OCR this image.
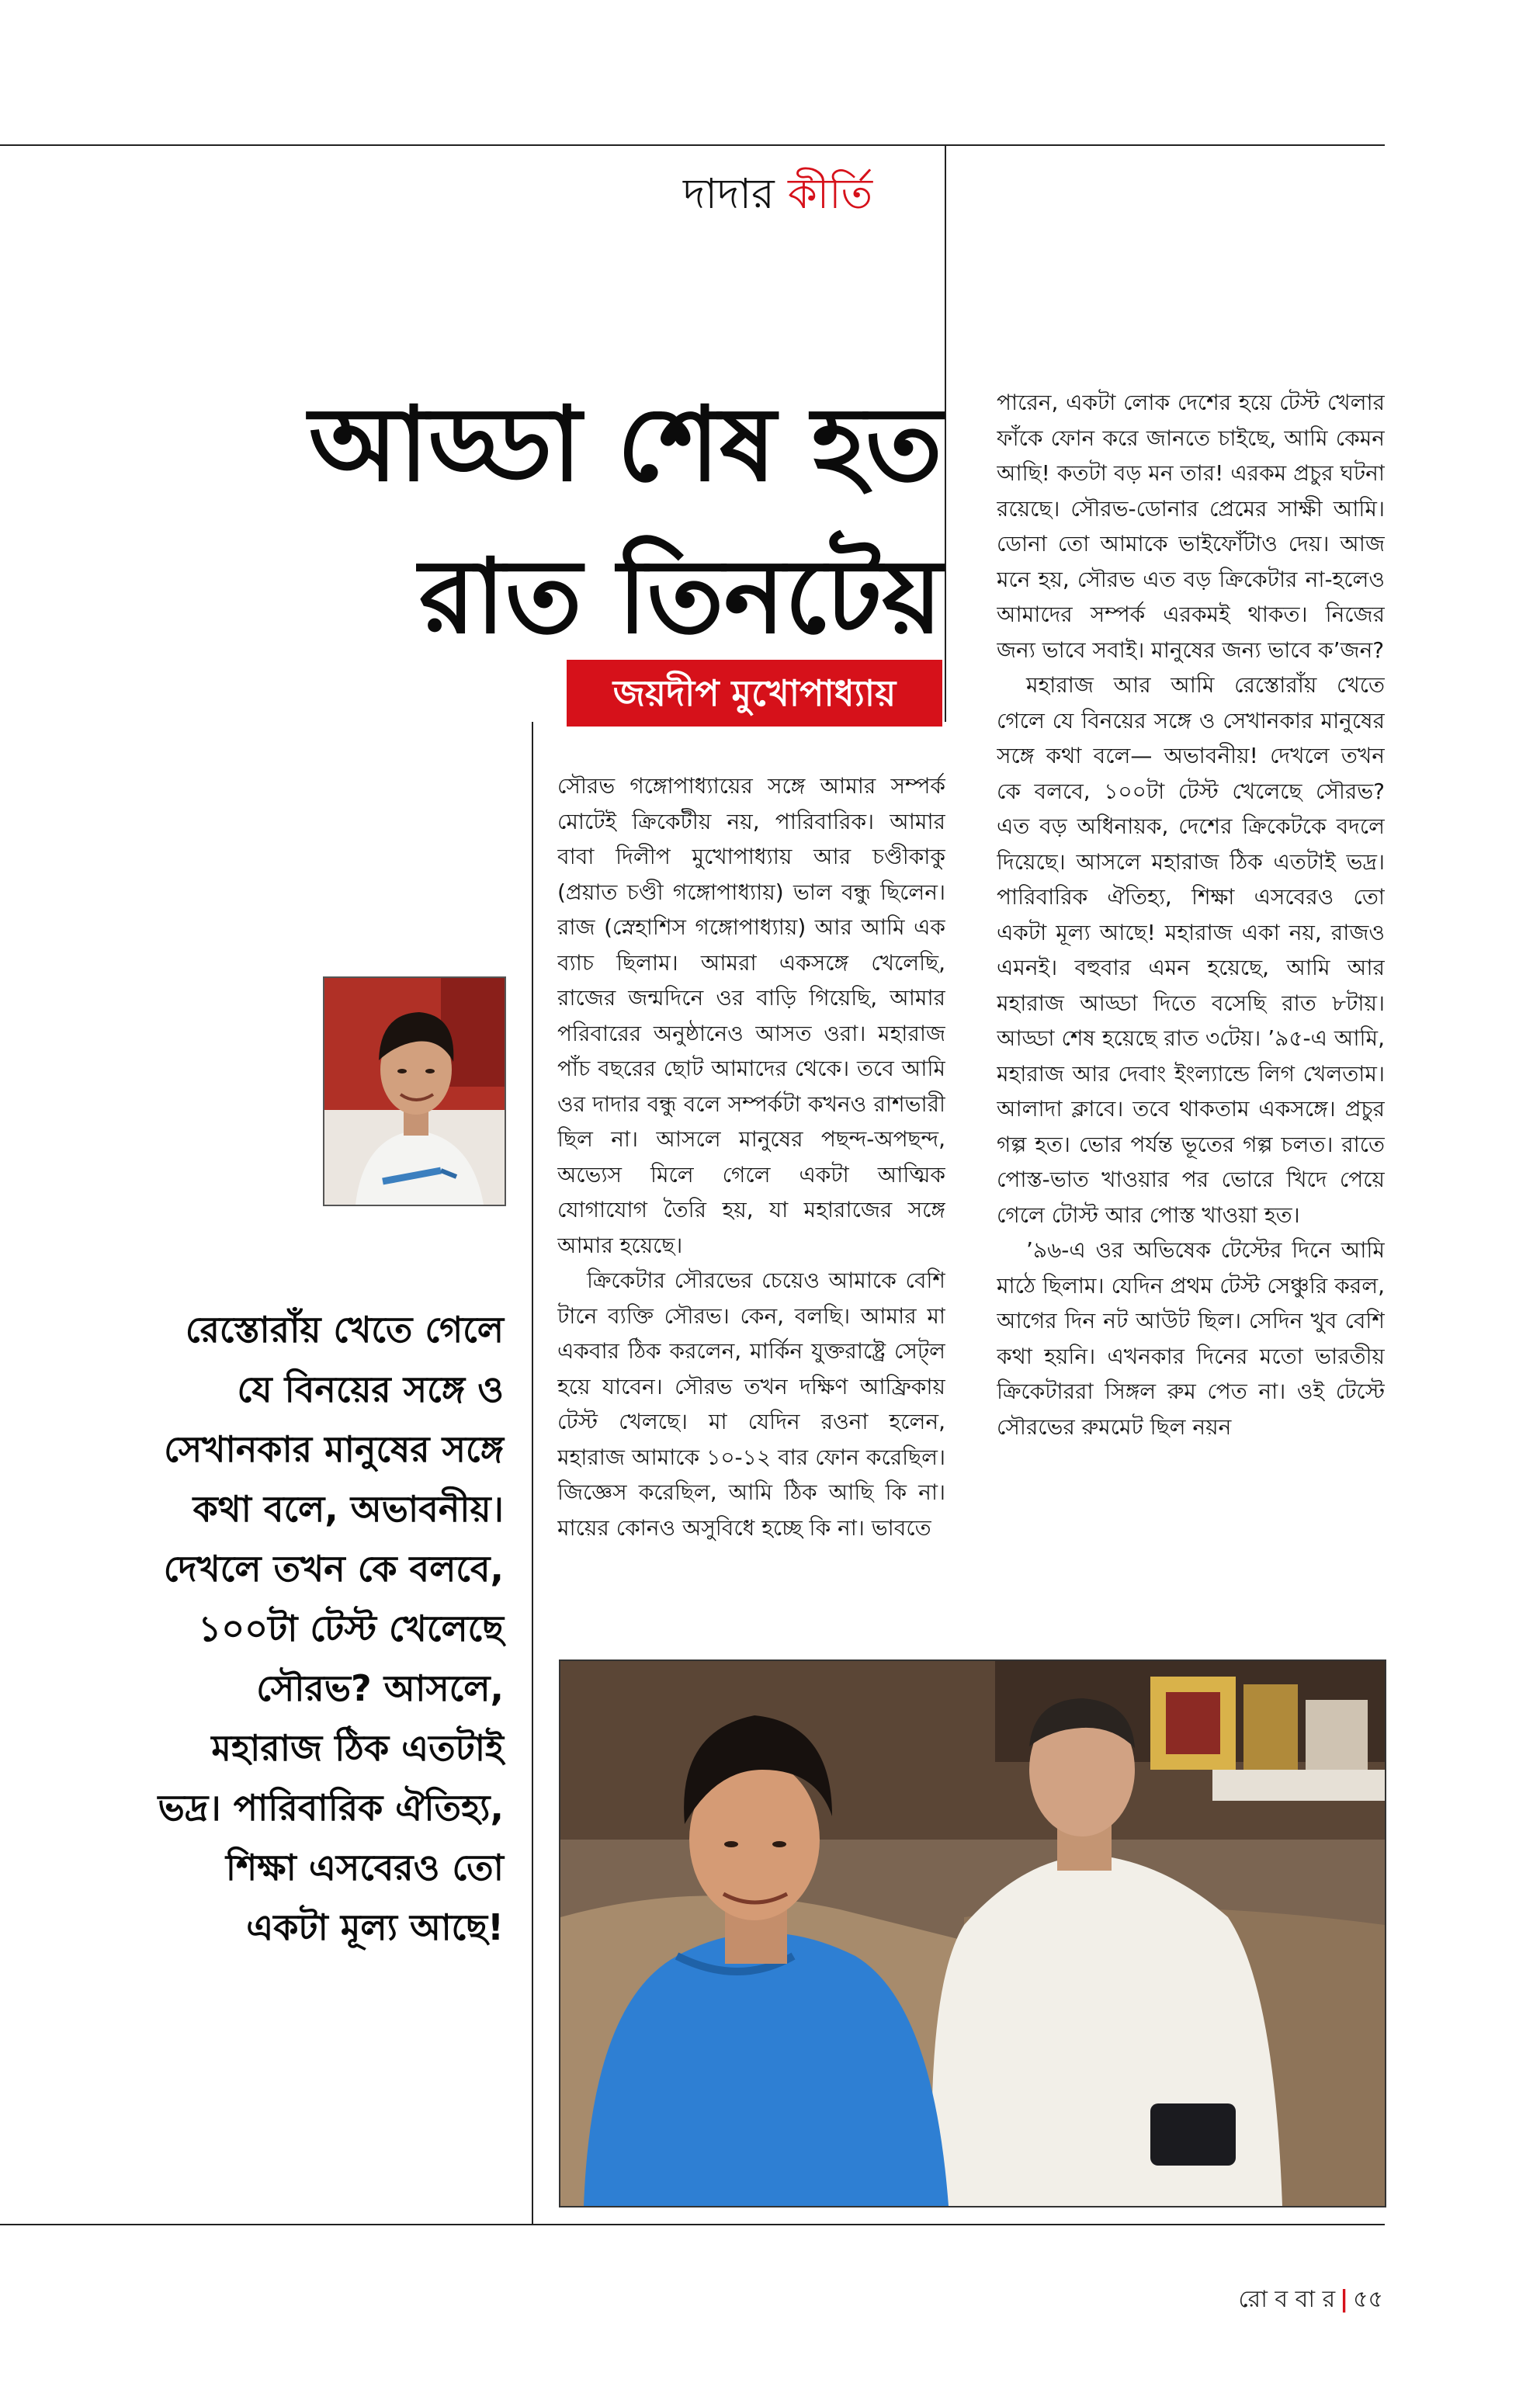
দাদার কীর্তি
আড্ডা শেষ হত
রাত তিনটেয়
জয়দীপ মুখোপাধ্যায়
রেস্তোরাঁয় খেতে গেলে যে বিনয়ের সঙ্গে ও সেখানকার মানুষের সঙ্গে কথা বলে, অভাবনীয়। দেখলে তখন কে বলবে, ১০০টা টেস্ট খেলেছে সৌরভ? আসলে, মহারাজ ঠিক এতটাই ভদ্র। পারিবারিক ঐতিহ্য, শিক্ষা এসবেরও তো একটা মূল্য আছে!

সৌরভ গঙ্গোপাধ্যায়ের সঙ্গে আমার সম্পর্ক মোটেই ক্রিকেটীয় নয়, পারিবারিক। আমার বাবা দিলীপ মুখোপাধ্যায় আর চণ্ডীকাকু (প্রয়াত চণ্ডী গঙ্গোপাধ্যায়) ভাল বন্ধু ছিলেন। রাজ (স্নেহাশিস গঙ্গোপাধ্যায়) আর আমি এক ব্যাচ ছিলাম। আমরা একসঙ্গে খেলেছি, রাজের জন্মদিনে ওর বাড়ি গিয়েছি, আমার পরিবারের অনুষ্ঠানেও আসত ওরা। মহারাজ পাঁচ বছরের ছোট আমাদের থেকে। তবে আমি ওর দাদার বন্ধু বলে সম্পর্কটা কখনও রাশভারী ছিল না। আসলে মানুষের পছন্দ-অপছন্দ, অভ্যেস মিলে গেলে একটা আত্মিক যোগাযোগ তৈরি হয়, যা মহারাজের সঙ্গে আমার হয়েছে।

ক্রিকেটার সৌরভের চেয়েও আমাকে বেশি টানে ব্যক্তি সৌরভ। কেন, বলছি। আমার মা একবার ঠিক করলেন, মার্কিন যুক্তরাষ্ট্রে সেট্‌ল হয়ে যাবেন। সৌরভ তখন দক্ষিণ আফ্রিকায় টেস্ট খেলছে। মা যেদিন রওনা হলেন, মহারাজ আমাকে ১০-১২ বার ফোন করেছিল। জিজ্ঞেস করেছিল, আমি ঠিক আছি কি না। মায়ের কোনও অসুবিধে হচ্ছে কি না। ভাবতে

পারেন, একটা লোক দেশের হয়ে টেস্ট খেলার ফাঁকে ফোন করে জানতে চাইছে, আমি কেমন আছি! কতটা বড় মন তার! এরকম প্রচুর ঘটনা রয়েছে। সৌরভ-ডোনার প্রেমের সাক্ষী আমি। ডোনা তো আমাকে ভাইফোঁটাও দেয়। আজ মনে হয়, সৌরভ এত বড় ক্রিকেটার না-হলেও আমাদের সম্পর্ক এরকমই থাকত। নিজের জন্য ভাবে সবাই। মানুষের জন্য ভাবে ক’জন?

মহারাজ আর আমি রেস্তোরাঁয় খেতে গেলে যে বিনয়ের সঙ্গে ও সেখানকার মানুষের সঙ্গে কথা বলে— অভাবনীয়! দেখলে তখন কে বলবে, ১০০টা টেস্ট খেলেছে সৌরভ? এত বড় অধিনায়ক, দেশের ক্রিকেটকে বদলে দিয়েছে। আসলে মহারাজ ঠিক এতটাই ভদ্র। পারিবারিক ঐতিহ্য, শিক্ষা এসবেরও তো একটা মূল্য আছে! মহারাজ একা নয়, রাজও এমনই। বহুবার এমন হয়েছে, আমি আর মহারাজ আড্ডা দিতে বসেছি রাত ৮টায়। আড্ডা শেষ হয়েছে রাত ৩টেয়। ’৯৫-এ আমি, মহারাজ আর দেবাং ইংল্যান্ডে লিগ খেলতাম। আলাদা ক্লাবে। তবে থাকতাম একসঙ্গে। প্রচুর গল্প হত। ভোর পর্যন্ত ভূতের গল্প চলত। রাতে পোস্ত-ভাত খাওয়ার পর ভোরে খিদে পেয়ে গেলে টোস্ট আর পোস্ত খাওয়া হত।

’৯৬-এ ওর অভিষেক টেস্টের দিনে আমি মাঠে ছিলাম। যেদিন প্রথম টেস্ট সেঞ্চুরি করল, আগের দিন নট আউট ছিল। সেদিন খুব বেশি কথা হয়নি। এখনকার দিনের মতো ভারতীয় ক্রিকেটাররা সিঙ্গল রুম পেত না। ওই টেস্টে সৌরভের রুমমেট ছিল নয়ন

রো ব বা র | ৫৫
